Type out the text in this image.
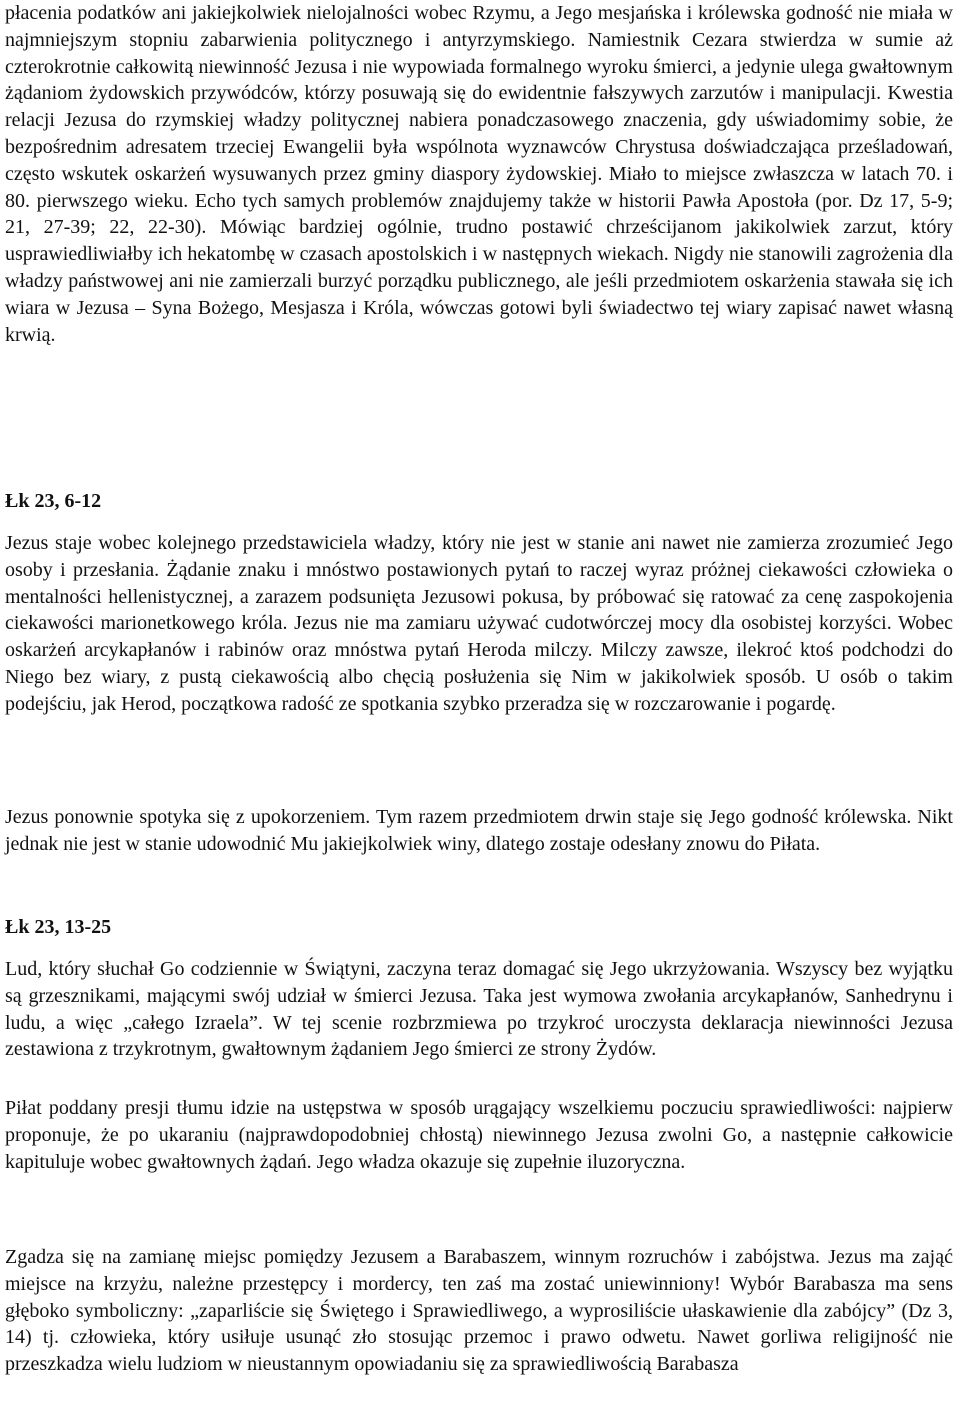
płacenia podatków ani jakiejkolwiek nielojalności wobec Rzymu, a Jego mesjańska i królewska godność nie miała w najmniejszym stopniu zabarwienia politycznego i antyrzymskiego. Namiestnik Cezara stwierdza w sumie aż czterokrotnie całkowitą niewinność Jezusa i nie wypowiada formalnego wyroku śmierci, a jedynie ulega gwałtownym żądaniom żydowskich przywódców, którzy posuwają się do ewidentnie fałszywych zarzutów i manipulacji. Kwestia relacji Jezusa do rzymskiej władzy politycznej nabiera ponadczasowego znaczenia, gdy uświadomimy sobie, że bezpośrednim adresatem trzeciej Ewangelii była wspólnota wyznawców Chrystusa doświadczająca prześladowań, często wskutek oskarżeń wysuwanych przez gminy diaspory żydowskiej. Miało to miejsce zwłaszcza w latach 70. i 80. pierwszego wieku. Echo tych samych problemów znajdujemy także w historii Pawła Apostoła (por. Dz 17, 5-9; 21, 27-39; 22, 22-30). Mówiąc bardziej ogólnie, trudno postawić chrześcijanom jakikolwiek zarzut, który usprawiedliwiałby ich hekatombę w czasach apostolskich i w następnych wiekach. Nigdy nie stanowili zagrożenia dla władzy państwowej ani nie zamierzali burzyć porządku publicznego, ale jeśli przedmiotem oskarżenia stawała się ich wiara w Jezusa – Syna Bożego, Mesjasza i Króla, wówczas gotowi byli świadectwo tej wiary zapisać nawet własną krwią.

Łk 23, 6-12

Jezus staje wobec kolejnego przedstawiciela władzy, który nie jest w stanie ani nawet nie zamierza zrozumieć Jego osoby i przesłania. Żądanie znaku i mnóstwo postawionych pytań to raczej wyraz próżnej ciekawości człowieka o mentalności hellenistycznej, a zarazem podsunięta Jezusowi pokusa, by próbować się ratować za cenę zaspokojenia ciekawości marionetkowego króla. Jezus nie ma zamiaru używać cudotwórczej mocy dla osobistej korzyści. Wobec oskarżeń arcykapłanów i rabinów oraz mnóstwa pytań Heroda milczy. Milczy zawsze, ilekroć ktoś podchodzi do Niego bez wiary, z pustą ciekawością albo chęcią posłużenia się Nim w jakikolwiek sposób. U osób o takim podejściu, jak Herod, początkowa radość ze spotkania szybko przeradza się w rozczarowanie i pogardę.

Jezus ponownie spotyka się z upokorzeniem. Tym razem przedmiotem drwin staje się Jego godność królewska. Nikt jednak nie jest w stanie udowodnić Mu jakiejkolwiek winy, dlatego zostaje odesłany znowu do Piłata.

Łk 23, 13-25

Lud, który słuchał Go codziennie w Świątyni, zaczyna teraz domagać się Jego ukrzyżowania. Wszyscy bez wyjątku są grzesznikami, mającymi swój udział w śmierci Jezusa. Taka jest wymowa zwołania arcykapłanów, Sanhedrynu i ludu, a więc „całego Izraela”. W tej scenie rozbrzmiewa po trzykroć uroczysta deklaracja niewinności Jezusa zestawiona z trzykrotnym, gwałtownym żądaniem Jego śmierci ze strony Żydów.

Piłat poddany presji tłumu idzie na ustępstwa w sposób urągający wszelkiemu poczuciu sprawiedliwości: najpierw proponuje, że po ukaraniu (najprawdopodobniej chłostą) niewinnego Jezusa zwolni Go, a następnie całkowicie kapituluje wobec gwałtownych żądań. Jego władza okazuje się zupełnie iluzoryczna.

Zgadza się na zamianę miejsc pomiędzy Jezusem a Barabaszem, winnym rozruchów i zabójstwa. Jezus ma zająć miejsce na krzyżu, należne przestępcy i mordercy, ten zaś ma zostać uniewinniony! Wybór Barabasza ma sens głęboko symboliczny: „zaparliście się Świętego i Sprawiedliwego, a wyprosiliście ułaskawienie dla zabójcy” (Dz 3, 14) tj. człowieka, który usiłuje usunąć zło stosując przemoc i prawo odwetu. Nawet gorliwa religijność nie przeszkadza wielu ludziom w nieustannym opowiadaniu się za sprawiedliwością Barabasza
